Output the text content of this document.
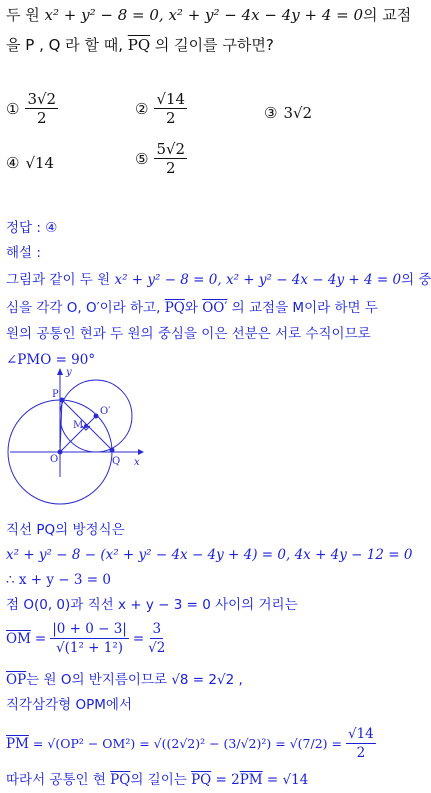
두 원 x² + y² − 8 = 0, x² + y² − 4x − 4y + 4 = 0의 교점
을 P , Q 라 할 때, $\overline{PQ}$ 의 길이를 구하면?
① $\frac{3√2}{2}$	② $\frac{√14}{2}$	③ 3√2
④ √14	⑤ $\frac{5√2}{2}$
정답 : ④
해설 :
그림과 같이 두 원 x² + y² − 8 = 0, x² + y² − 4x − 4y + 4 = 0의 중
심을 각각 O, O′이라 하고, $\overline{PQ}$와 OO′ 의 교점을 M이라 하면 두
원의 공통인 현과 두 원의 중심을 이은 선분은 서로 수직이므로
∠PMO = 90°
y
x
O
P
O′
Q
M
직선 PQ의 방정식은
x² + y² − 8 − (x² + y² − 4x − 4y + 4) = 0, 4x + 4y − 12 = 0
∴ x + y − 3 = 0
점 O(0, 0)과 직선 x + y − 3 = 0 사이의 거리는
$\overline{OM} = \frac{|0 + 0 - 3|}{\text{√(1² + 1²)}} = \frac{3}{√2}$
$\overline{OP}$는 원 O의 반지름이므로 √8 = 2√2 ,
직각삼각형 OPM에서
$\overline{PM} = √(OP^2 - OM^2) = √((2√2)^2 - (3/√2)^2) = √(7/2) = \frac{√14}{2}$
따라서 공통인 현 $\overline{PQ}$의 길이는 $\overline{PQ} = 2\overline{PM} = √14$
